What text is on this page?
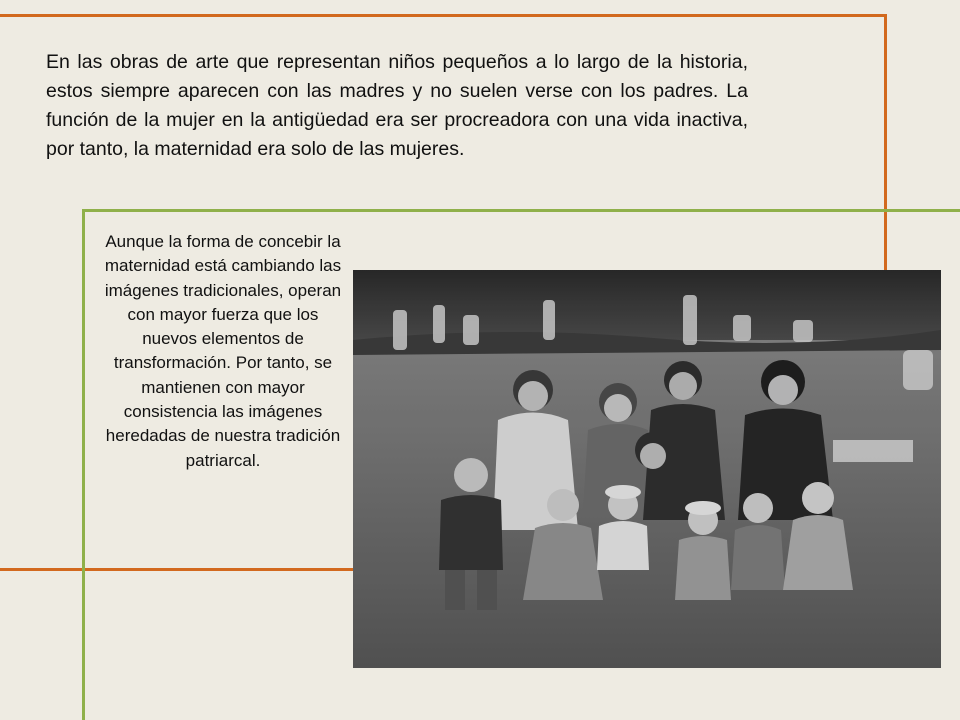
En las obras de arte que representan niños pequeños a lo largo de la historia, estos siempre aparecen con las madres y no suelen verse con los padres. La función de la mujer en la antigüedad era ser procreadora con una vida inactiva, por tanto, la maternidad era solo de las mujeres.

Aunque la forma de concebir la maternidad está cambiando las imágenes tradicionales, operan con mayor fuerza que los nuevos elementos de transformación. Por tanto, se mantienen con mayor consistencia las imágenes heredadas de nuestra tradición patriarcal.
